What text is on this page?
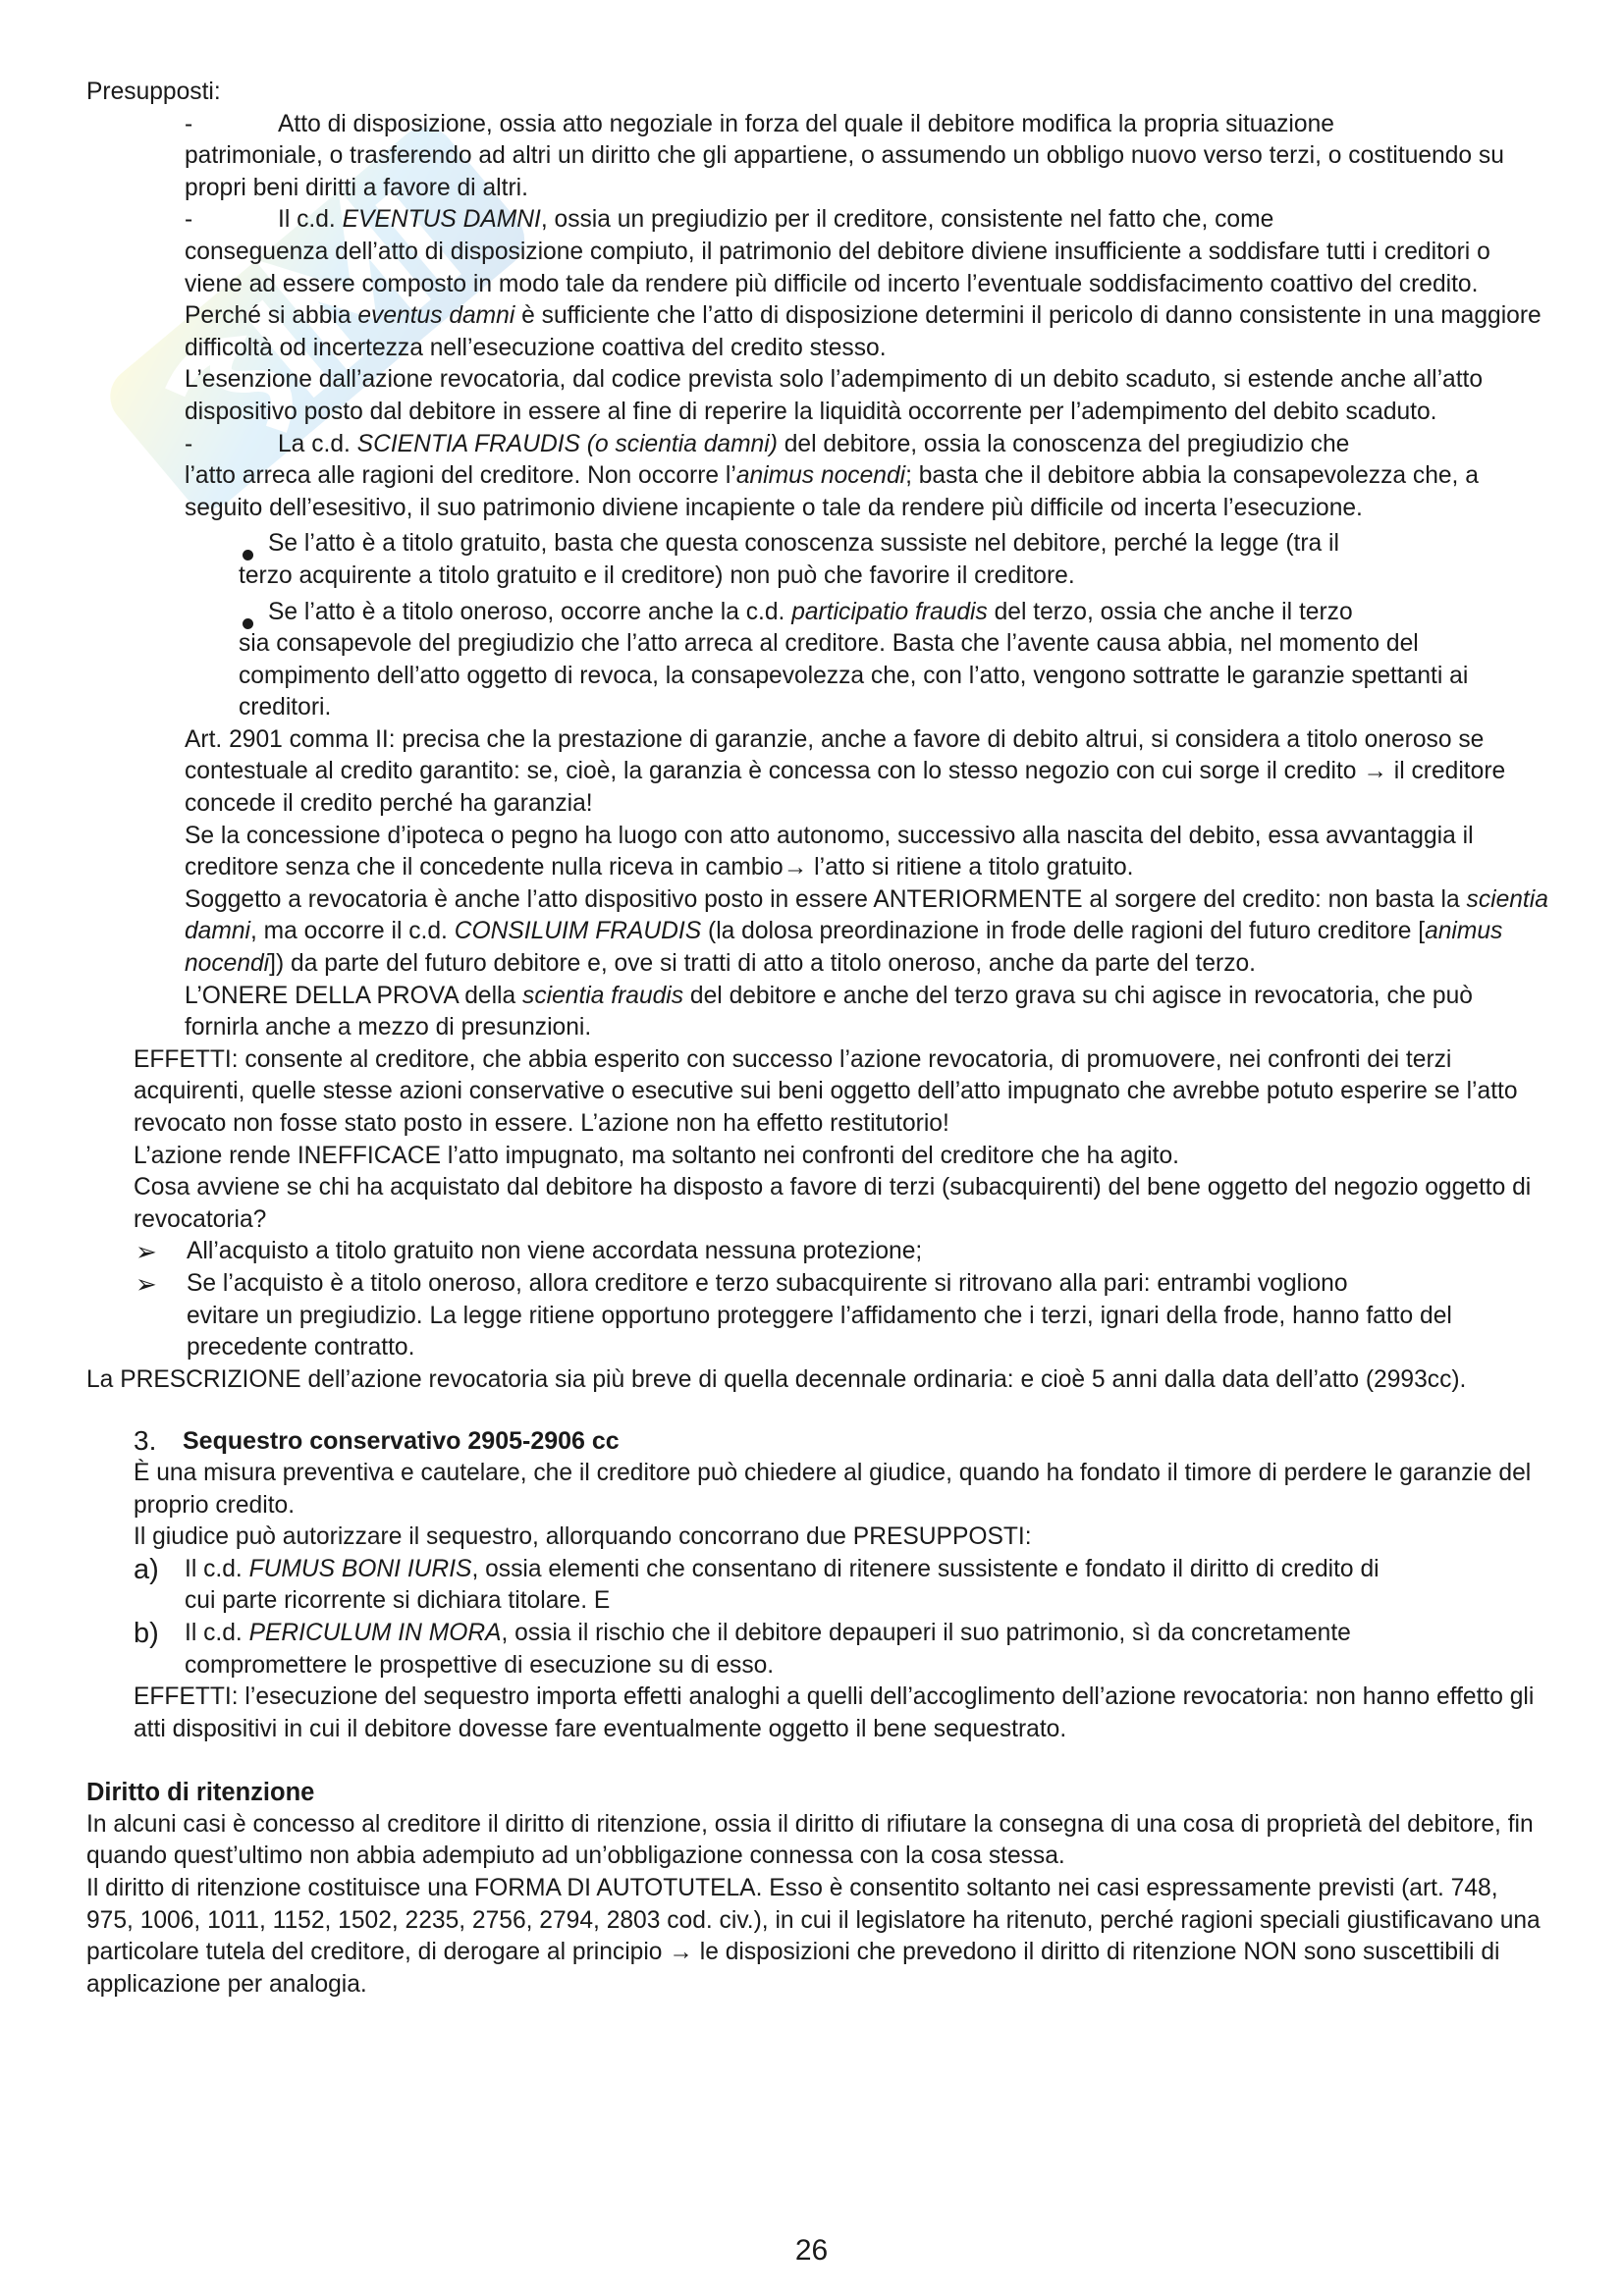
Presupposti:

-	Atto di disposizione, ossia atto negoziale in forza del quale il debitore modifica la propria situazione

patrimoniale, o trasferendo ad altri un diritto che gli appartiene, o assumendo un obbligo nuovo verso terzi, o costituendo su propri beni diritti a favore di altri.

-	Il c.d. EVENTUS DAMNI, ossia un pregiudizio per il creditore, consistente nel fatto che, come

conseguenza dell’atto di disposizione compiuto, il patrimonio del debitore diviene insufficiente a soddisfare tutti i creditori o viene ad essere composto in modo tale da rendere più difficile od incerto l’eventuale soddisfacimento coattivo del credito. Perché si abbia eventus damni è sufficiente che l’atto di disposizione determini il pericolo di danno consistente in una maggiore difficoltà od incertezza nell’esecuzione coattiva del credito stesso.

L’esenzione dall’azione revocatoria, dal codice prevista solo l’adempimento di un debito scaduto, si estende anche all’atto dispositivo posto dal debitore in essere al fine di reperire la liquidità occorrente per l’adempimento del debito scaduto.

-	La c.d. SCIENTIA FRAUDIS (o scientia damni) del debitore, ossia la conoscenza del pregiudizio che

l’atto arreca alle ragioni del creditore. Non occorre l’animus nocendi; basta che il debitore abbia la consapevolezza che, a seguito dell’esesitivo, il suo patrimonio diviene incapiente o tale da rendere più difficile od incerta l’esecuzione.

Se l’atto è a titolo gratuito, basta che questa conoscenza sussiste nel debitore, perché la legge (tra il

terzo acquirente a titolo gratuito e il creditore) non può che favorire il creditore.

Se l’atto è a titolo oneroso, occorre anche la c.d. participatio fraudis del terzo, ossia che anche il terzo

sia consapevole del pregiudizio che l’atto arreca al creditore. Basta che l’avente causa abbia, nel momento del compimento dell’atto oggetto di revoca, la consapevolezza che, con l’atto, vengono sottratte le garanzie spettanti ai creditori.

Art. 2901 comma II: precisa che la prestazione di garanzie, anche a favore di debito altrui, si considera a titolo oneroso se contestuale al credito garantito: se, cioè, la garanzia è concessa con lo stesso negozio con cui sorge il credito → il creditore concede il credito perché ha garanzia!

Se la concessione d’ipoteca o pegno ha luogo con atto autonomo, successivo alla nascita del debito, essa avvantaggia il creditore senza che il concedente nulla riceva in cambio→ l’atto si ritiene a titolo gratuito.

Soggetto a revocatoria è anche l’atto dispositivo posto in essere ANTERIORMENTE al sorgere del credito: non basta la scientia damni, ma occorre il c.d. CONSILUIM FRAUDIS (la dolosa preordinazione in frode delle ragioni del futuro creditore [animus nocendi]) da parte del futuro debitore e, ove si tratti di atto a titolo oneroso, anche da parte del terzo.

L’ONERE DELLA PROVA della scientia fraudis del debitore e anche del terzo grava su chi agisce in revocatoria, che può fornirla anche a mezzo di presunzioni.

EFFETTI: consente al creditore, che abbia esperito con successo l’azione revocatoria, di promuovere, nei confronti dei terzi acquirenti, quelle stesse azioni conservative o esecutive sui beni oggetto dell’atto impugnato che avrebbe potuto esperire se l’atto revocato non fosse stato posto in essere. L’azione non ha effetto restitutorio!

L’azione rende INEFFICACE l’atto impugnato, ma soltanto nei confronti del creditore che ha agito.

Cosa avviene se chi ha acquistato dal debitore ha disposto a favore di terzi (subacquirenti) del bene oggetto del negozio oggetto di revocatoria?

➢	All’acquisto a titolo gratuito non viene accordata nessuna protezione;
➢	Se l’acquisto è a titolo oneroso, allora creditore e terzo subacquirente si ritrovano alla pari: entrambi vogliono

evitare un pregiudizio. La legge ritiene opportuno proteggere l’affidamento che i terzi, ignari della frode, hanno fatto del precedente contratto.

La PRESCRIZIONE dell’azione revocatoria sia più breve di quella decennale ordinaria: e cioè 5 anni dalla data dell’atto (2993cc).

3.	Sequestro conservativo 2905-2906 cc

È una misura preventiva e cautelare, che il creditore può chiedere al giudice, quando ha fondato il timore di perdere le garanzie del proprio credito.

Il giudice può autorizzare il sequestro, allorquando concorrano due PRESUPPOSTI:

a)	Il c.d. FUMUS BONI IURIS, ossia elementi che consentano di ritenere sussistente e fondato il diritto di credito di

cui parte ricorrente si dichiara titolare. E

b)	Il c.d. PERICULUM IN MORA, ossia il rischio che il debitore depauperi il suo patrimonio, sì da concretamente

compromettere le prospettive di esecuzione su di esso.

EFFETTI: l’esecuzione del sequestro importa effetti analoghi a quelli dell’accoglimento dell’azione revocatoria: non hanno effetto gli atti dispositivi in cui il debitore dovesse fare eventualmente oggetto il bene sequestrato.

Diritto di ritenzione

In alcuni casi è concesso al creditore il diritto di ritenzione, ossia il diritto di rifiutare la consegna di una cosa di proprietà del debitore, fin quando quest’ultimo non abbia adempiuto ad un’obbligazione connessa con la cosa stessa.

Il diritto di ritenzione costituisce una FORMA DI AUTOTUTELA. Esso è consentito soltanto nei casi espressamente previsti (art. 748, 975, 1006, 1011, 1152, 1502, 2235, 2756, 2794, 2803 cod. civ.), in cui il legislatore ha ritenuto, perché ragioni speciali giustificavano una particolare tutela del creditore, di derogare al principio → le disposizioni che prevedono il diritto di ritenzione NON sono suscettibili di applicazione per analogia.

26
